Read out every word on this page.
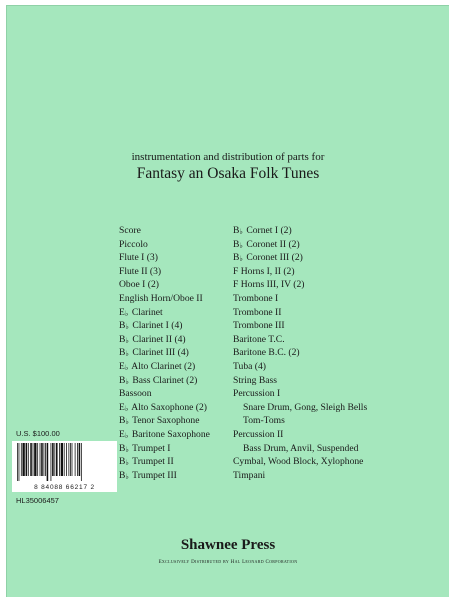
instrumentation and distribution of parts for
Fantasy an Osaka Folk Tunes
Score
Piccolo
Flute I (3)
Flute II (3)
Oboe I (2)
English Horn/Oboe II
E♭ Clarinet
B♭ Clarinet I (4)
B♭ Clarinet II (4)
B♭ Clarinet III (4)
E♭ Alto Clarinet (2)
B♭ Bass Clarinet (2)
Bassoon
E♭ Alto Saxophone (2)
B♭ Tenor Saxophone
E♭ Baritone Saxophone
B♭ Trumpet I
B♭ Trumpet II
B♭ Trumpet III
B♭ Cornet I (2)
B♭ Coronet II (2)
B♭ Coronet III (2)
F Horns I, II (2)
F Horns III, IV (2)
Trombone I
Trombone II
Trombone III
Baritone T.C.
Baritone B.C. (2)
Tuba (4)
String Bass
Percussion I
Snare Drum, Gong, Sleigh Bells
Tom-Toms
Percussion II
Bass Drum, Anvil, Suspended
Cymbal, Wood Block, Xylophone
Timpani
U.S. $100.00
8 84088 66217 2
HL35006457
Shawnee Press
Exclusively Distributed by Hal Leonard Corporation
